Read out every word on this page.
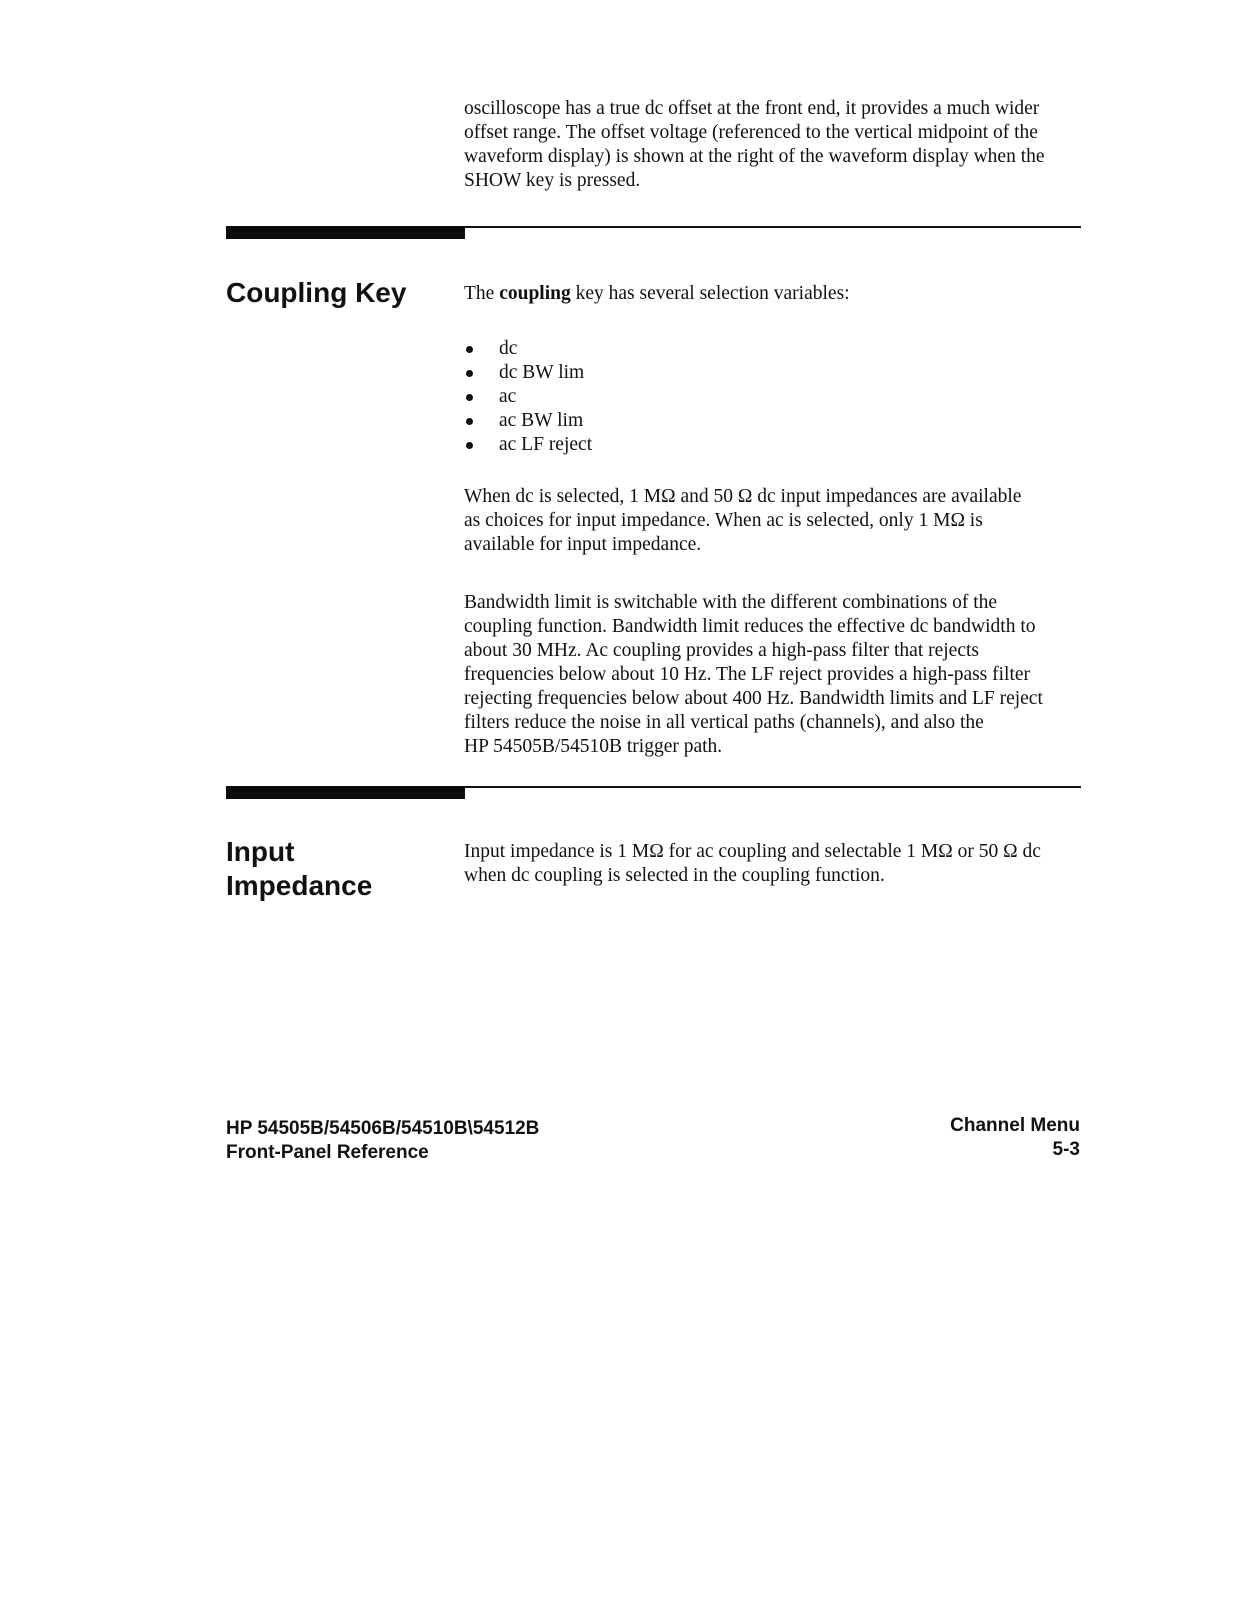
oscilloscope has a true dc offset at the front end, it provides a much wider

offset range. The offset voltage (referenced to the vertical midpoint of the

waveform display) is shown at the right of the waveform display when the

SHOW key is pressed.

Coupling Key	The coupling key has several selection variables:

dc
dc BW lim
ac
ac BW lim
ac LF reject

When dc is selected, 1 MΩ and 50 Ω dc input impedances are available

as choices for input impedance. When ac is selected, only 1 MΩ is

available for input impedance.

Bandwidth limit is switchable with the different combinations of the

coupling function. Bandwidth limit reduces the effective dc bandwidth to

about 30 MHz. Ac coupling provides a high-pass filter that rejects

frequencies below about 10 Hz. The LF reject provides a high-pass filter

rejecting frequencies below about 400 Hz. Bandwidth limits and LF reject

filters reduce the noise in all vertical paths (channels), and also the

HP 54505B/54510B trigger path.

Input
Impedance

Input impedance is 1 MΩ for ac coupling and selectable 1 MΩ or 50 Ω dc

when dc coupling is selected in the coupling function.

HP 54505B/54506B/54510B\54512B
Front-Panel Reference
Channel Menu
5-3
